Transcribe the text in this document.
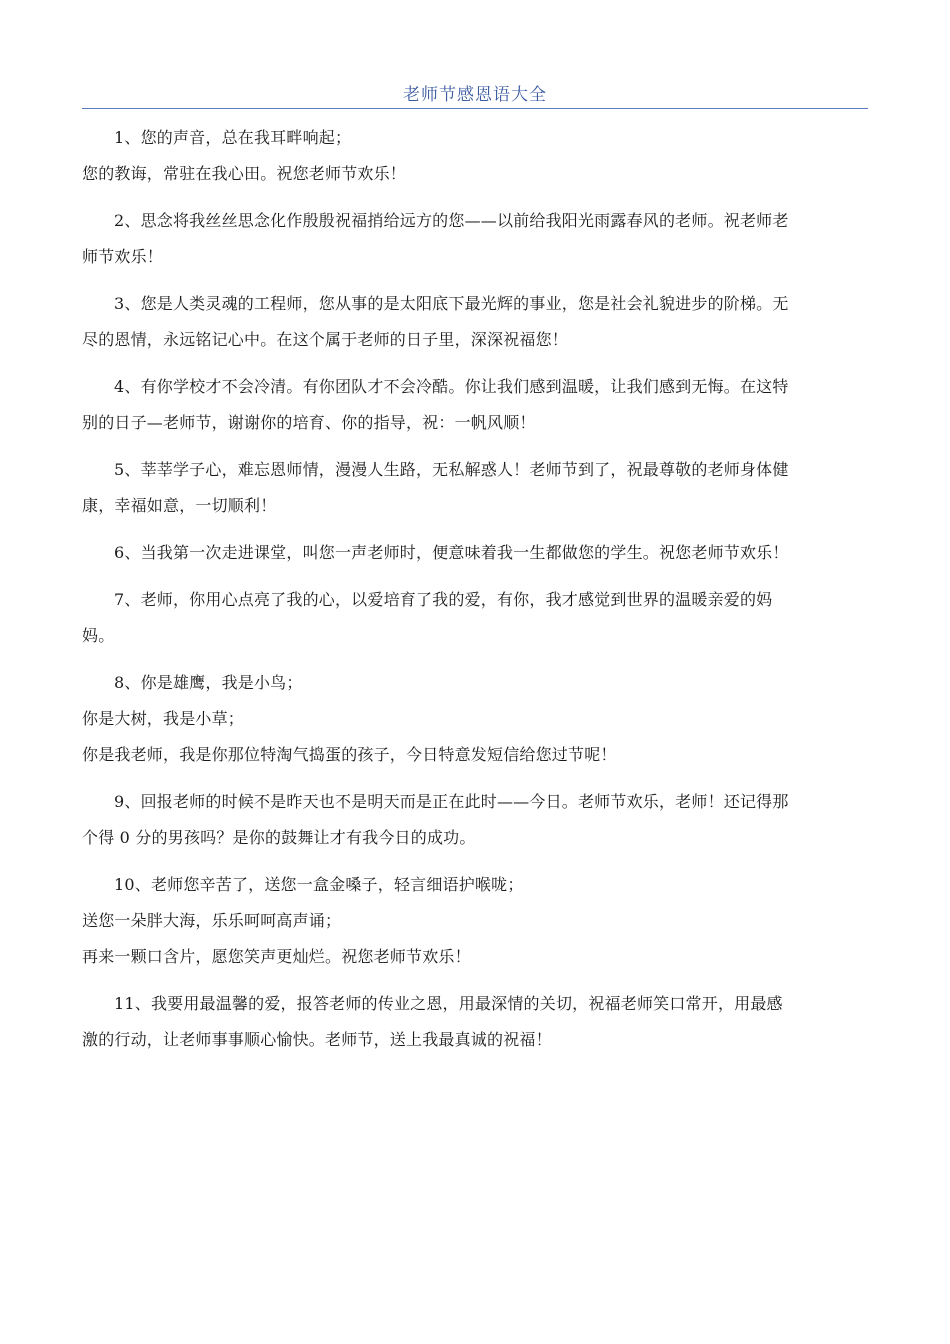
老师节感恩语大全
1、您的声音，总在我耳畔响起；
您的教诲，常驻在我心田。祝您老师节欢乐！
2、思念将我丝丝思念化作殷殷祝福捎给远方的您——以前给我阳光雨露春风的老师。祝老师老
师节欢乐！
3、您是人类灵魂的工程师，您从事的是太阳底下最光辉的事业，您是社会礼貌进步的阶梯。无
尽的恩情，永远铭记心中。在这个属于老师的日子里，深深祝福您！
4、有你学校才不会冷清。有你团队才不会冷酷。你让我们感到温暖，让我们感到无悔。在这特
别的日子—老师节，谢谢你的培育、你的指导，祝：一帆风顺！
5、莘莘学子心，难忘恩师情，漫漫人生路，无私解惑人！老师节到了，祝最尊敬的老师身体健
康，幸福如意，一切顺利！
6、当我第一次走进课堂，叫您一声老师时，便意味着我一生都做您的学生。祝您老师节欢乐！
7、老师，你用心点亮了我的心，以爱培育了我的爱，有你，我才感觉到世界的温暖亲爱的妈
妈。
8、你是雄鹰，我是小鸟；
你是大树，我是小草；
你是我老师，我是你那位特淘气捣蛋的孩子，今日特意发短信给您过节呢！
9、回报老师的时候不是昨天也不是明天而是正在此时——今日。老师节欢乐，老师！还记得那
个得 0 分的男孩吗？是你的鼓舞让才有我今日的成功。
10、老师您辛苦了，送您一盒金嗓子，轻言细语护喉咙；
送您一朵胖大海，乐乐呵呵高声诵；
再来一颗口含片，愿您笑声更灿烂。祝您老师节欢乐！
11、我要用最温馨的爱，报答老师的传业之恩，用最深情的关切，祝福老师笑口常开，用最感
激的行动，让老师事事顺心愉快。老师节，送上我最真诚的祝福！
